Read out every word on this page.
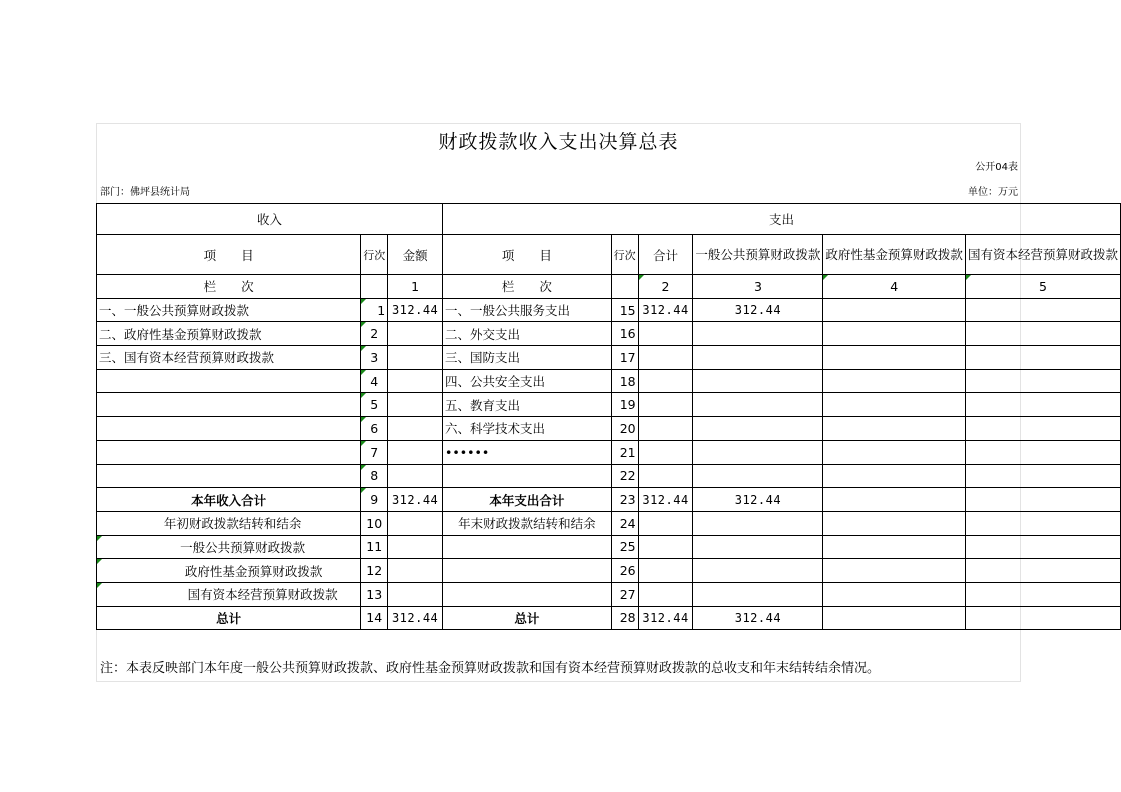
财政拨款收入支出决算总表
公开04表
部门：佛坪县统计局	单位：万元
收入			支出					
项　　目	行次	金额	项　　目	行次	合计	一般公共预算财政拨款	政府性基金预算财政拨款	国有资本经营预算财政拨款
栏　　次		1	栏　　次		2	3	4	5
一、一般公共预算财政拨款	1	312.44	一、一般公共服务支出	15	312.44	312.44		
二、政府性基金预算财政拨款	2		二、外交支出	16				
三、国有资本经营预算财政拨款	3		三、国防支出	17				
	4		四、公共安全支出	18				
	5		五、教育支出	19				
	6		六、科学技术支出	20				
	7		••••••	21				
	8			22				
本年收入合计	9	312.44	本年支出合计	23	312.44	312.44		
年初财政拨款结转和结余	10		年末财政拨款结转和结余	24				
一般公共预算财政拨款	11			25				
政府性基金预算财政拨款	12			26				
国有资本经营预算财政拨款	13			27				
总计	14	312.44	总计	28	312.44	312.44		
注：本表反映部门本年度一般公共预算财政拨款、政府性基金预算财政拨款和国有资本经营预算财政拨款的总收支和年末结转结余情况。
